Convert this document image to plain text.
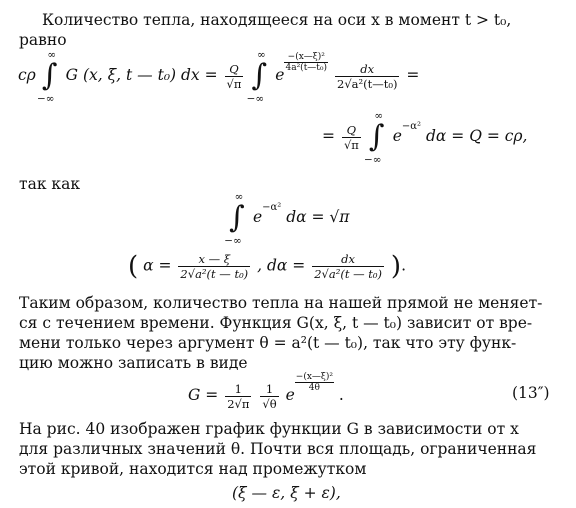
Количество тепла, находящееся на оси x в момент t > t₀,
равно
cρ
∞
∫
−∞
G (x, ξ, t — t₀) dx = $\frac{Q}{√\pi}$

∞
∫
−∞
e
$\frac{\text{−(x—ξ)²}}{\text{4a²(t—t₀)}}$
$\frac{dx}{\text{2√a²(t—t₀)}}$ =
= $\frac{Q}{√\pi}$

∞
∫
−∞
e−α² dα = Q = cρ,
так как
∞
∫
−∞
e−α² dα = √π
( $\alpha = \frac{x — \xi}{\text{2√a²(t — t₀)}}$ , $d\alpha = \frac{dx}{\text{2√a²(t — t₀)}}$ ).
Таким образом, количество тепла на нашей прямой не меняет-
ся с течением времени. Функция G(x, ξ, t — t₀) зависит от вре-
мени только через аргумент θ = a²(t — t₀), так что эту функ-
цию можно записать в виде
$G = \frac{1}{2√\pi}$
$\frac{1}{√\theta}$ e
$\frac{\text{−(x—ξ)²}}{4\theta}$
.	(13″)
На рис. 40 изображен график функции G в зависимости от x
для различных значений θ. Почти вся площадь, ограниченная
этой кривой, находится над промежутком
(ξ — ε, ξ + ε),
